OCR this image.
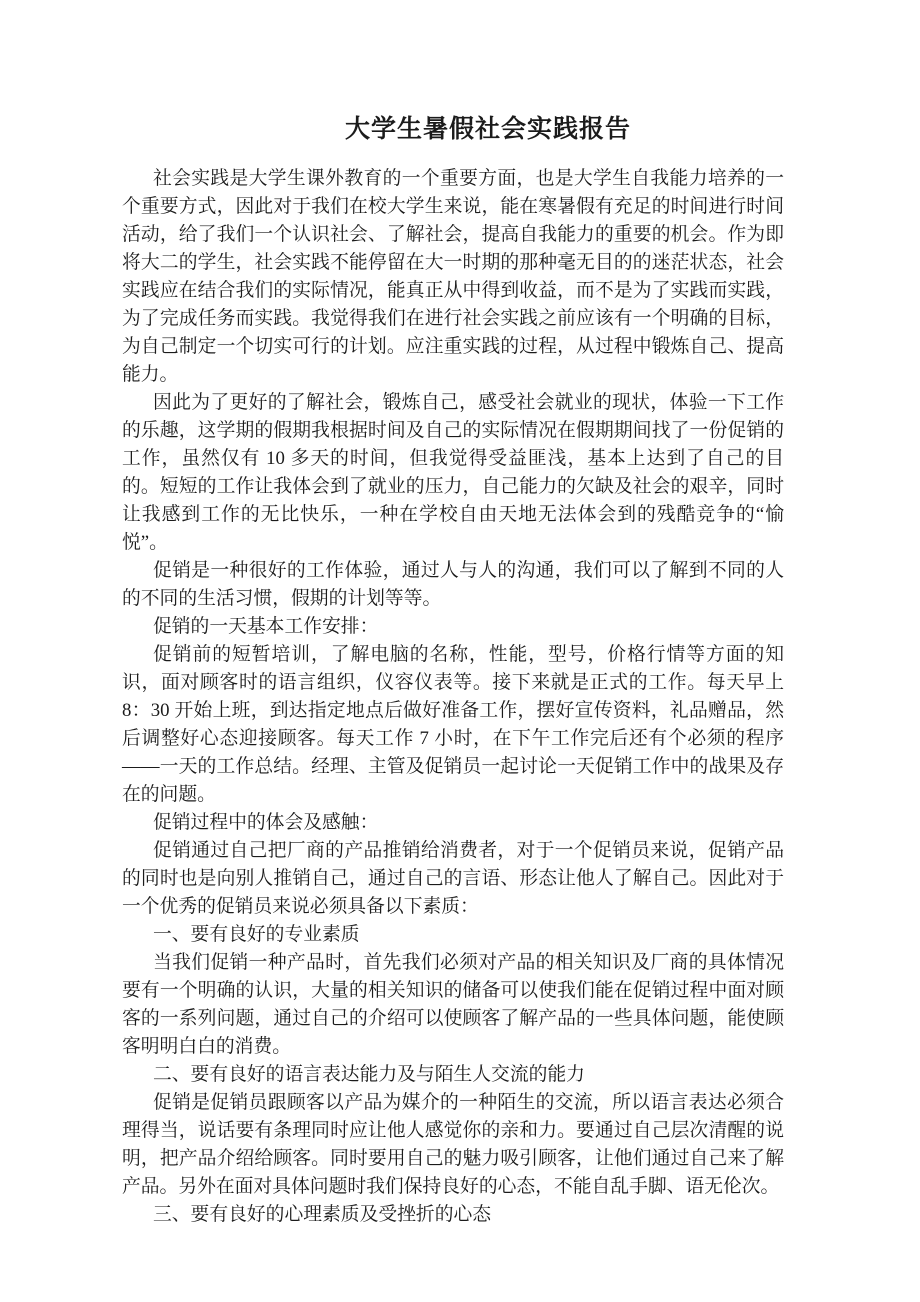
大学生暑假社会实践报告

社会实践是大学生课外教育的一个重要方面，也是大学生自我能力培养的一个重要方式，因此对于我们在校大学生来说，能在寒暑假有充足的时间进行时间活动，给了我们一个认识社会、了解社会，提高自我能力的重要的机会。作为即将大二的学生，社会实践不能停留在大一时期的那种毫无目的的迷茫状态，社会实践应在结合我们的实际情况，能真正从中得到收益，而不是为了实践而实践，为了完成任务而实践。我觉得我们在进行社会实践之前应该有一个明确的目标，为自己制定一个切实可行的计划。应注重实践的过程，从过程中锻炼自己、提高能力。

因此为了更好的了解社会，锻炼自己，感受社会就业的现状，体验一下工作的乐趣，这学期的假期我根据时间及自己的实际情况在假期期间找了一份促销的工作，虽然仅有 10 多天的时间，但我觉得受益匪浅，基本上达到了自己的目的。短短的工作让我体会到了就业的压力，自己能力的欠缺及社会的艰辛，同时让我感到工作的无比快乐，一种在学校自由天地无法体会到的残酷竞争的“愉悦”。

促销是一种很好的工作体验，通过人与人的沟通，我们可以了解到不同的人的不同的生活习惯，假期的计划等等。

促销的一天基本工作安排：

促销前的短暂培训，了解电脑的名称，性能，型号，价格行情等方面的知识，面对顾客时的语言组织，仪容仪表等。接下来就是正式的工作。每天早上 8：30 开始上班，到达指定地点后做好准备工作，摆好宣传资料，礼品赠品，然后调整好心态迎接顾客。每天工作 7 小时，在下午工作完后还有个必须的程序——一天的工作总结。经理、主管及促销员一起讨论一天促销工作中的战果及存在的问题。

促销过程中的体会及感触：

促销通过自己把厂商的产品推销给消费者，对于一个促销员来说，促销产品的同时也是向别人推销自己，通过自己的言语、形态让他人了解自己。因此对于一个优秀的促销员来说必须具备以下素质：

一、要有良好的专业素质

当我们促销一种产品时，首先我们必须对产品的相关知识及厂商的具体情况要有一个明确的认识，大量的相关知识的储备可以使我们能在促销过程中面对顾客的一系列问题，通过自己的介绍可以使顾客了解产品的一些具体问题，能使顾客明明白白的消费。

二、要有良好的语言表达能力及与陌生人交流的能力

促销是促销员跟顾客以产品为媒介的一种陌生的交流，所以语言表达必须合理得当，说话要有条理同时应让他人感觉你的亲和力。要通过自己层次清醒的说明，把产品介绍给顾客。同时要用自己的魅力吸引顾客，让他们通过自己来了解产品。另外在面对具体问题时我们保持良好的心态，不能自乱手脚、语无伦次。

三、要有良好的心理素质及受挫折的心态
